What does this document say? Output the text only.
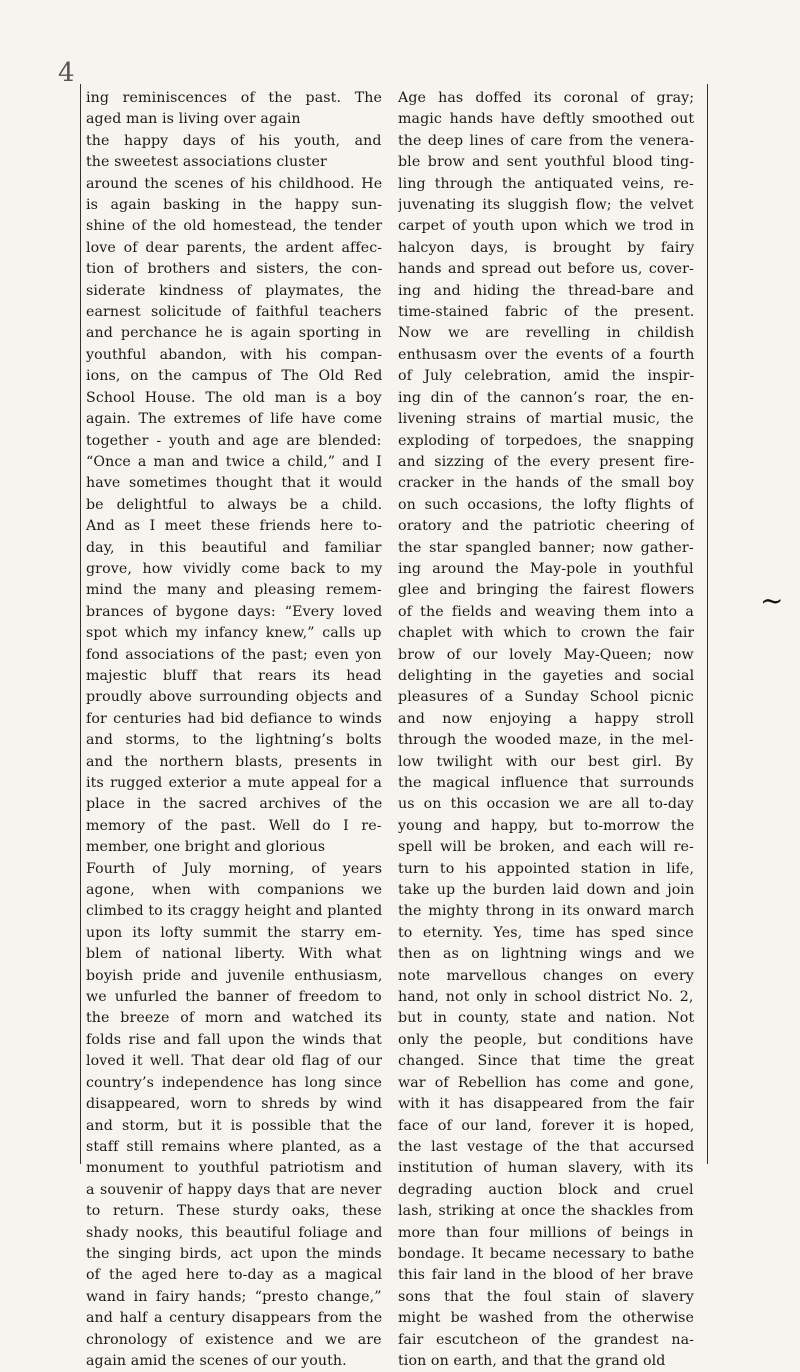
4
ing reminiscences of the past. The
aged man is living over again
the happy days of his youth, and
the sweetest associations cluster
around the scenes of his childhood. He
is again basking in the happy sun-
shine of the old homestead, the tender
love of dear parents, the ardent affec-
tion of brothers and sisters, the con-
siderate kindness of playmates, the
earnest solicitude of faithful teachers
and perchance he is again sporting in
youthful abandon, with his compan-
ions, on the campus of The Old Red
School House. The old man is a boy
again. The extremes of life have come
together - youth and age are blended:
“Once a man and twice a child,” and I
have sometimes thought that it would
be delightful to always be a child.
And as I meet these friends here to-
day, in this beautiful and familiar
grove, how vividly come back to my
mind the many and pleasing remem-
brances of bygone days: “Every loved
spot which my infancy knew,” calls up
fond associations of the past; even yon
majestic bluff that rears its head
proudly above surrounding objects and
for centuries had bid defiance to winds
and storms, to the lightning’s bolts
and the northern blasts, presents in
its rugged exterior a mute appeal for a
place in the sacred archives of the
memory of the past. Well do I re-
member, one bright and glorious
Fourth of July morning, of years
agone, when with companions we
climbed to its craggy height and planted
upon its lofty summit the starry em-
blem of national liberty. With what
boyish pride and juvenile enthusiasm,
we unfurled the banner of freedom to
the breeze of morn and watched its
folds rise and fall upon the winds that
loved it well. That dear old flag of our
country’s independence has long since
disappeared, worn to shreds by wind
and storm, but it is possible that the
staff still remains where planted, as a
monument to youthful patriotism and
a souvenir of happy days that are never
to return. These sturdy oaks, these
shady nooks, this beautiful foliage and
the singing birds, act upon the minds
of the aged here to-day as a magical
wand in fairy hands; “presto change,”
and half a century disappears from the
chronology of existence and we are
again amid the scenes of our youth.
Age has doffed its coronal of gray;
magic hands have deftly smoothed out
the deep lines of care from the venera-
ble brow and sent youthful blood ting-
ling through the antiquated veins, re-
juvenating its sluggish flow; the velvet
carpet of youth upon which we trod in
halcyon days, is brought by fairy
hands and spread out before us, cover-
ing and hiding the thread-bare and
time-stained fabric of the present.
Now we are revelling in childish
enthusasm over the events of a fourth
of July celebration, amid the inspir-
ing din of the cannon’s roar, the en-
livening strains of martial music, the
exploding of torpedoes, the snapping
and sizzing of the every present fire-
cracker in the hands of the small boy
on such occasions, the lofty flights of
oratory and the patriotic cheering of
the star spangled banner; now gather-
ing around the May-pole in youthful
glee and bringing the fairest flowers
of the fields and weaving them into a
chaplet with which to crown the fair
brow of our lovely May-Queen; now
delighting in the gayeties and social
pleasures of a Sunday School picnic
and now enjoying a happy stroll
through the wooded maze, in the mel-
low twilight with our best girl. By
the magical influence that surrounds
us on this occasion we are all to-day
young and happy, but to-morrow the
spell will be broken, and each will re-
turn to his appointed station in life,
take up the burden laid down and join
the mighty throng in its onward march
to eternity. Yes, time has sped since
then as on lightning wings and we
note marvellous changes on every
hand, not only in school district No. 2,
but in county, state and nation. Not
only the people, but conditions have
changed. Since that time the great
war of Rebellion has come and gone,
with it has disappeared from the fair
face of our land, forever it is hoped,
the last vestage of the that accursed
institution of human slavery, with its
degrading auction block and cruel
lash, striking at once the shackles from
more than four millions of beings in
bondage. It became necessary to bathe
this fair land in the blood of her brave
sons that the foul stain of slavery
might be washed from the otherwise
fair escutcheon of the grandest na-
tion on earth, and that the grand old
~
